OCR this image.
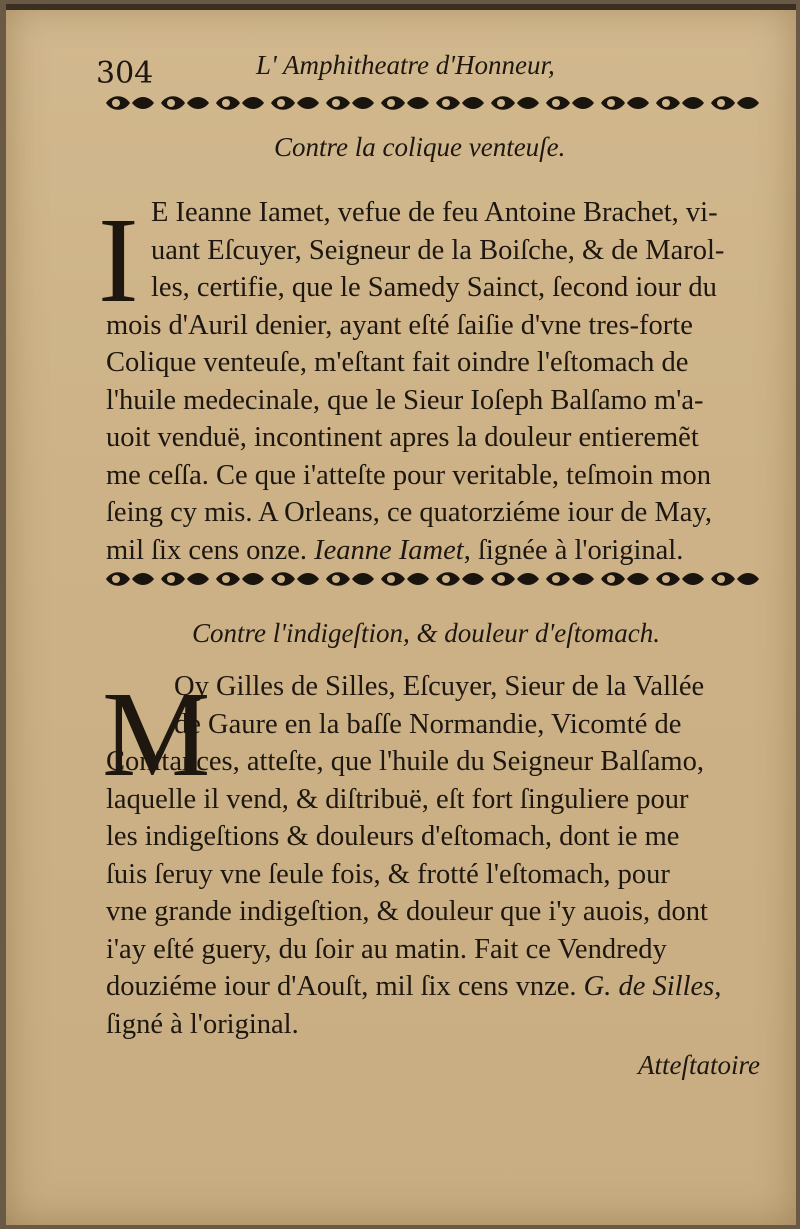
304	L' Amphitheatre d'Honneur,
Contre la colique venteuſe.
I E Ieanne Iamet, vefue de feu Antoine Brachet, vi-
uant Eſcuyer, Seigneur de la Boiſche, & de Marol-
les, certifie, que le Samedy Sainct, ſecond iour du
mois d'Auril denier, ayant eſté ſaiſie d'vne tres-forte
Colique venteuſe, m'eſtant fait oindre l'eſtomach de
l'huile medecinale, que le Sieur Ioſeph Balſamo m'a-
uoit venduë, incontinent apres la douleur entieremẽt
me ceſſa. Ce que i'atteſte pour veritable, teſmoin mon
ſeing cy mis. A Orleans, ce quatorziéme iour de May,
mil ſix cens onze. Ieanne Iamet, ſignée à l'original.
Contre l'indigeſtion, & douleur d'eſtomach.
M
Oy Gilles de Silles, Eſcuyer, Sieur de la Vallée
de Gaure en la baſſe Normandie, Vicomté de
Conſtances, atteſte, que l'huile du Seigneur Balſamo,
laquelle il vend, & diſtribuë, eſt fort ſinguliere pour
les indigeſtions & douleurs d'eſtomach, dont ie me
ſuis ſeruy vne ſeule fois, & frotté l'eſtomach, pour
vne grande indigeſtion, & douleur que i'y auois, dont
i'ay eſté guery, du ſoir au matin. Fait ce Vendredy
douziéme iour d'Aouſt, mil ſix cens vnze. G. de Silles,
ſigné à l'original.
Atteſtatoire
